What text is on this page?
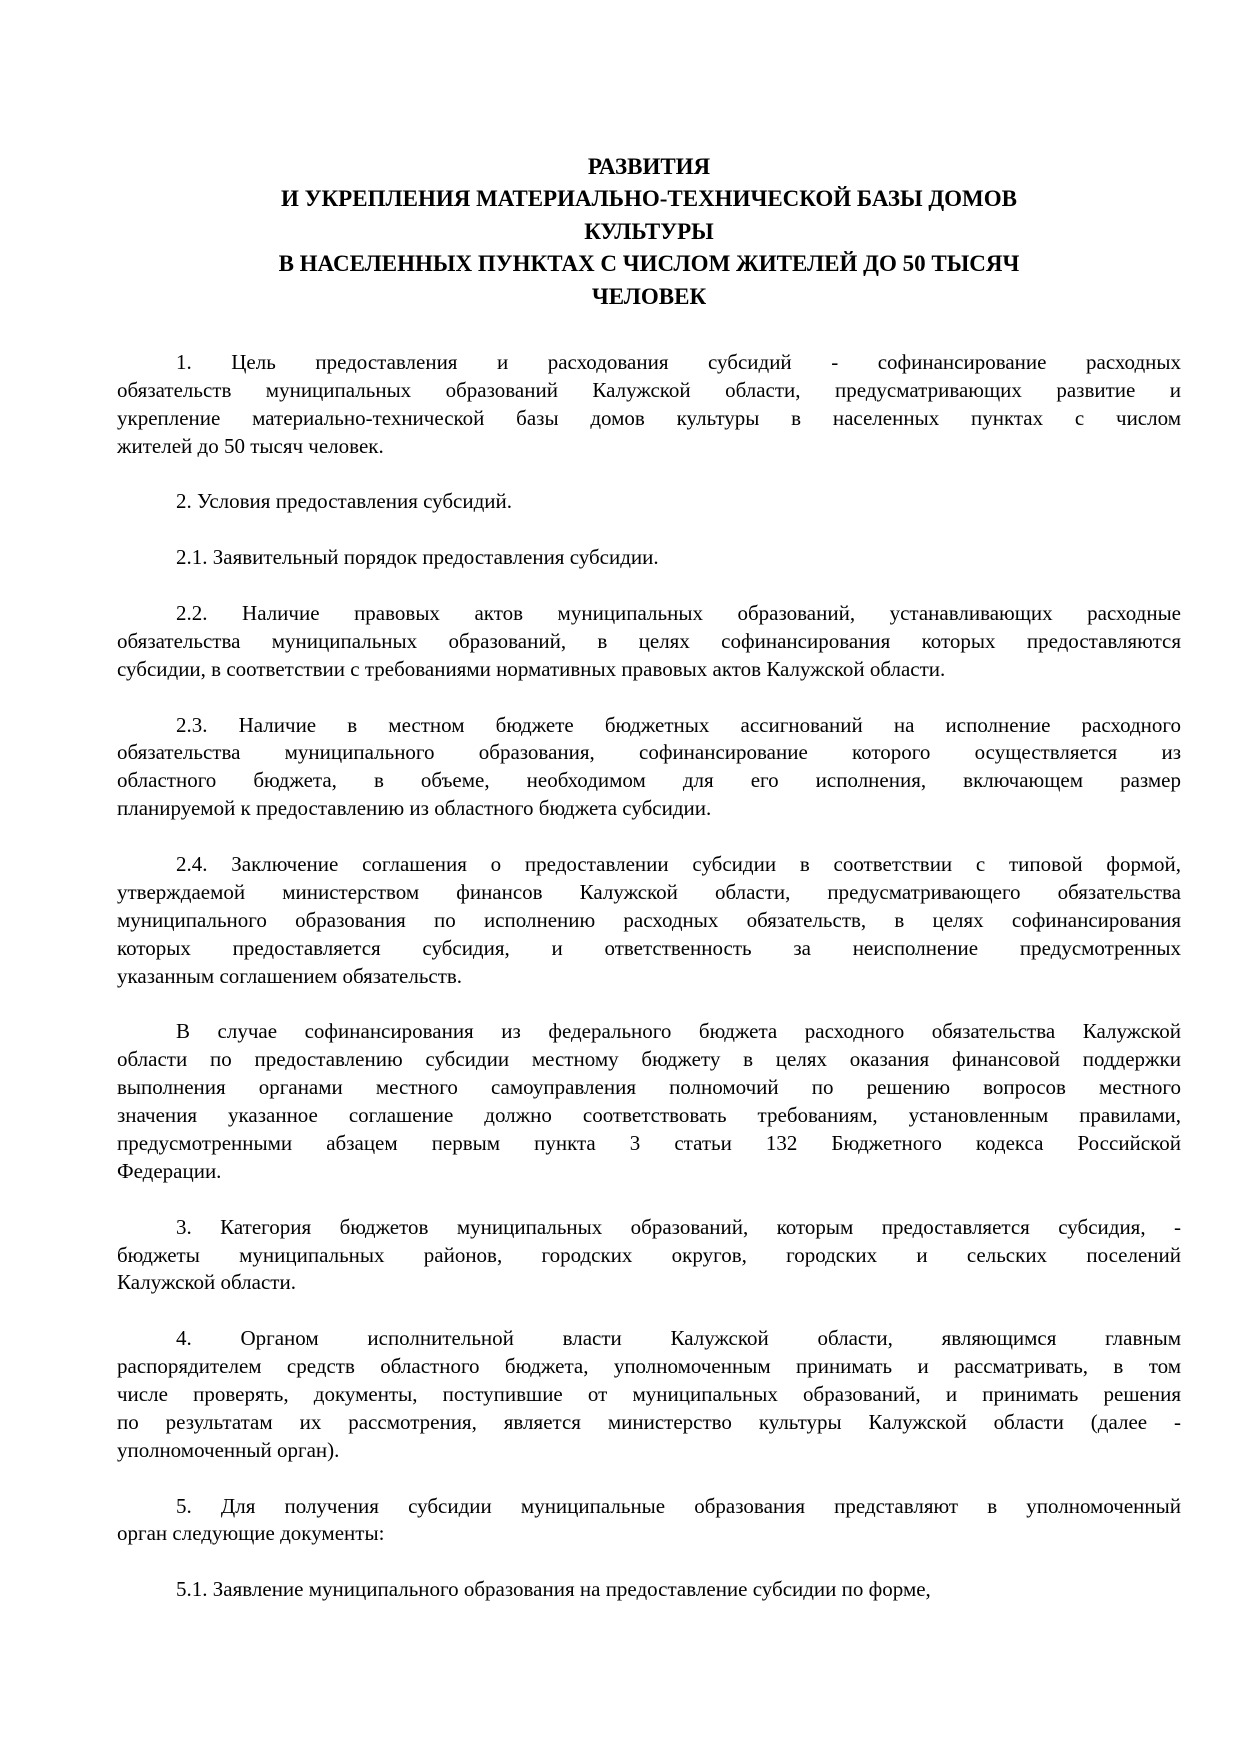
РАЗВИТИЯ
И УКРЕПЛЕНИЯ МАТЕРИАЛЬНО-ТЕХНИЧЕСКОЙ БАЗЫ ДОМОВ
КУЛЬТУРЫ
В НАСЕЛЕННЫХ ПУНКТАХ С ЧИСЛОМ ЖИТЕЛЕЙ ДО 50 ТЫСЯЧ
ЧЕЛОВЕК
1. Цель предоставления и расходования субсидий - софинансирование расходных
обязательств муниципальных образований Калужской области, предусматривающих развитие и
укрепление материально-технической базы домов культуры в населенных пунктах с числом
жителей до 50 тысяч человек.
2. Условия предоставления субсидий.
2.1. Заявительный порядок предоставления субсидии.
2.2. Наличие правовых актов муниципальных образований, устанавливающих расходные
обязательства муниципальных образований, в целях софинансирования которых предоставляются
субсидии, в соответствии с требованиями нормативных правовых актов Калужской области.
2.3. Наличие в местном бюджете бюджетных ассигнований на исполнение расходного
обязательства муниципального образования, софинансирование которого осуществляется из
областного бюджета, в объеме, необходимом для его исполнения, включающем размер
планируемой к предоставлению из областного бюджета субсидии.
2.4. Заключение соглашения о предоставлении субсидии в соответствии с типовой формой,
утверждаемой министерством финансов Калужской области, предусматривающего обязательства
муниципального образования по исполнению расходных обязательств, в целях софинансирования
которых предоставляется субсидия, и ответственность за неисполнение предусмотренных
указанным соглашением обязательств.
В случае софинансирования из федерального бюджета расходного обязательства Калужской
области по предоставлению субсидии местному бюджету в целях оказания финансовой поддержки
выполнения органами местного самоуправления полномочий по решению вопросов местного
значения указанное соглашение должно соответствовать требованиям, установленным правилами,
предусмотренными абзацем первым пункта 3 статьи 132 Бюджетного кодекса Российской
Федерации.
3. Категория бюджетов муниципальных образований, которым предоставляется субсидия, -
бюджеты муниципальных районов, городских округов, городских и сельских поселений
Калужской области.
4. Органом исполнительной власти Калужской области, являющимся главным
распорядителем средств областного бюджета, уполномоченным принимать и рассматривать, в том
числе проверять, документы, поступившие от муниципальных образований, и принимать решения
по результатам их рассмотрения, является министерство культуры Калужской области (далее -
уполномоченный орган).
5. Для получения субсидии муниципальные образования представляют в уполномоченный
орган следующие документы:
5.1. Заявление муниципального образования на предоставление субсидии по форме,
